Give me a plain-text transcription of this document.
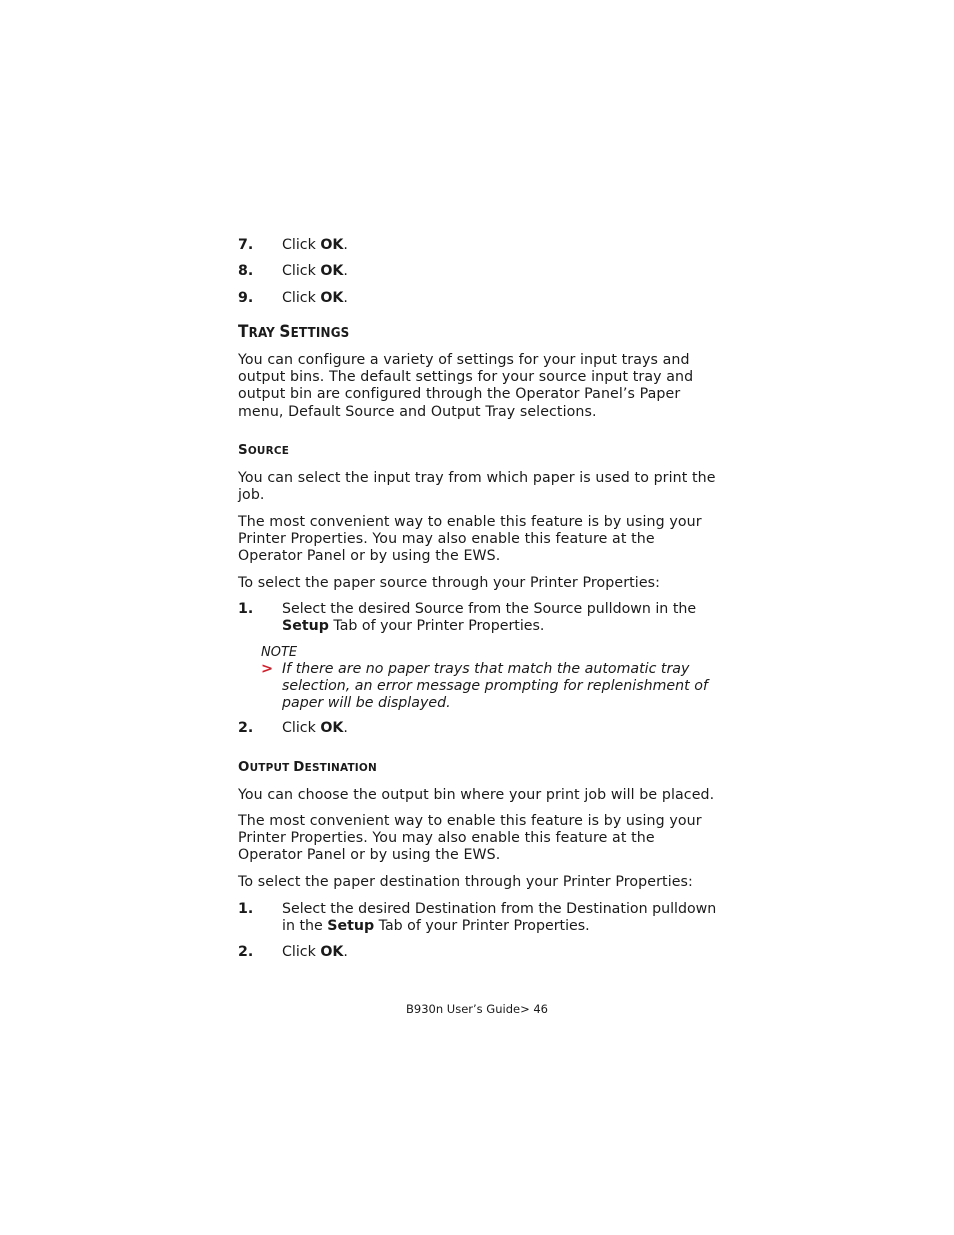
7. Click OK.
8. Click OK.
9. Click OK.
TRAY SETTINGS
You can configure a variety of settings for your input trays and output bins. The default settings for your source input tray and output bin are configured through the Operator Panel’s Paper menu, Default Source and Output Tray selections.
SOURCE
You can select the input tray from which paper is used to print the job.
The most convenient way to enable this feature is by using your Printer Properties. You may also enable this feature at the Operator Panel or by using the EWS.
To select the paper source through your Printer Properties:
1. Select the desired Source from the Source pulldown in the Setup Tab of your Printer Properties.
NOTE
> If there are no paper trays that match the automatic tray selection, an error message prompting for replenishment of paper will be displayed.
2. Click OK.
OUTPUT DESTINATION
You can choose the output bin where your print job will be placed.
The most convenient way to enable this feature is by using your Printer Properties. You may also enable this feature at the Operator Panel or by using the EWS.
To select the paper destination through your Printer Properties:
1. Select the desired Destination from the Destination pulldown in the Setup Tab of your Printer Properties.
2. Click OK.
B930n User’s Guide> 46
